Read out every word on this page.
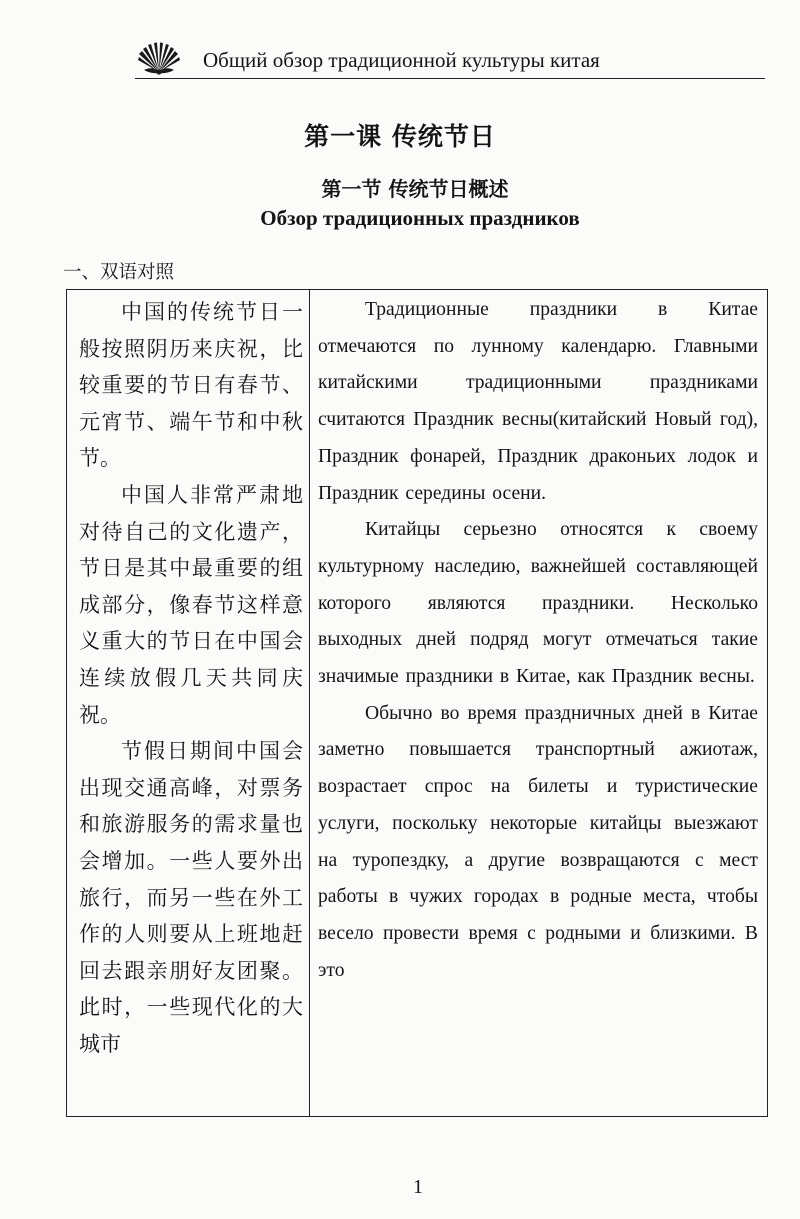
Общий обзор традиционной культуры китая
第一课 传统节日
第一节 传统节日概述
Обзор традиционных праздников
一、双语对照

中国的传统节日一般按照阴历来庆祝，比较重要的节日有春节、元宵节、端午节和中秋节。

中国人非常严肃地对待自己的文化遗产，节日是其中最重要的组成部分，像春节这样意义重大的节日在中国会连续放假几天共同庆祝。

节假日期间中国会出现交通高峰，对票务和旅游服务的需求量也会增加。一些人要外出旅行，而另一些在外工作的人则要从上班地赶回去跟亲朋好友团聚。此时，一些现代化的大城市

Традиционные праздники в Китае отмечаются по лунному календарю. Главными китайскими традиционными праздниками считаются Праздник весны(китайский Новый год), Праздник фонарей, Праздник драконьих лодок и Праздник середины осени.

Китайцы серьезно относятся к своему культурному наследию, важнейшей составляющей которого являются праздники. Несколько выходных дней подряд могут отмечаться такие значимые праздники в Китае, как Праздник весны.

Обычно во время праздничных дней в Китае заметно повышается транспортный ажиотаж, возрастает спрос на билеты и туристические услуги, поскольку некоторые китайцы выезжают на туропездку, а другие возвращаются с мест работы в чужих городах в родные места, чтобы весело провести время с родными и близкими. В это

1
